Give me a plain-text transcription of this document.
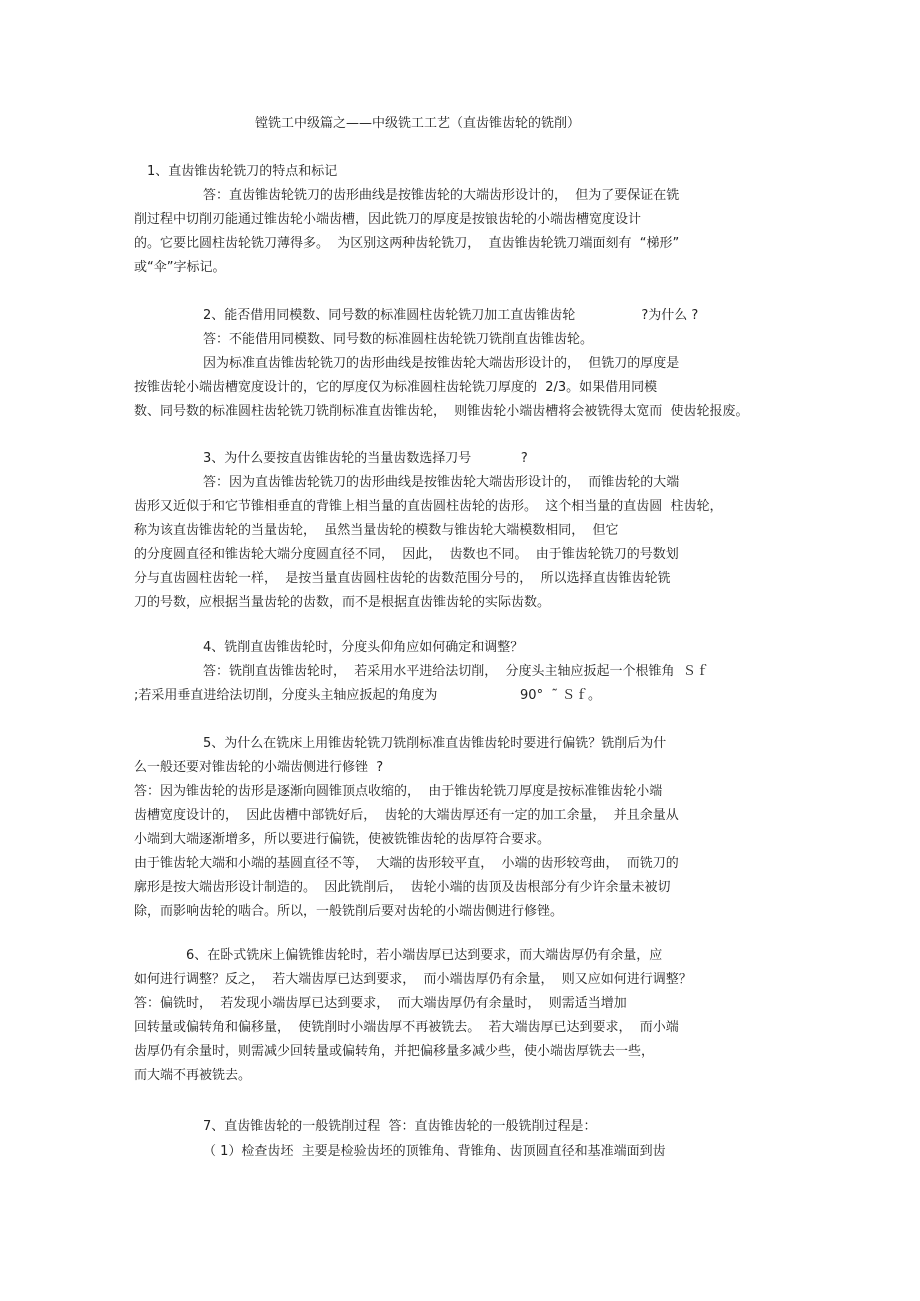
镗铣工中级篇之——中级铣工工艺（直齿锥齿轮的铣削）
1、直齿锥齿轮铣刀的特点和标记
答：直齿锥齿轮铣刀的齿形曲线是按锥齿轮的大端齿形设计的，  但为了要保证在铣
削过程中切削刃能通过锥齿轮小端齿槽，因此铣刀的厚度是按锒齿轮的小端齿槽宽度设计
的。它要比圆柱齿轮铣刀薄得多。  为区别这两种齿轮铣刀，  直齿锥齿轮铣刀端面刻有  “梯形”
或“伞”字标记。
2、能否借用同模数、同号数的标准圆柱齿轮铣刀加工直齿锥齿轮                ?为什么 ?
答：不能借用同模数、同号数的标准圆柱齿轮铣刀铣削直齿锥齿轮。
因为标准直齿锥齿轮铣刀的齿形曲线是按锥齿轮大端齿形设计的，  但铣刀的厚度是
按锥齿轮小端齿槽宽度设计的，它的厚度仅为标准圆柱齿轮铣刀厚度的  2/3。如果借用同模
数、同号数的标准圆柱齿轮铣刀铣削标准直齿锥齿轮，  则锥齿轮小端齿槽将会被铣得太宽而  使齿轮报废。
3、为什么要按直齿锥齿轮的当量齿数选择刀号            ?
答：因为直齿锥齿轮铣刀的齿形曲线是按锥齿轮大端齿形设计的，  而锥齿轮的大端
齿形又近似于和它节锥相垂直的背锥上相当量的直齿圆柱齿轮的齿形。  这个相当量的直齿圆  柱齿轮，
称为该直齿锥齿轮的当量齿轮，  虽然当量齿轮的模数与锥齿轮大端模数相同，  但它
的分度圆直径和锥齿轮大端分度圆直径不同，  因此，  齿数也不同。  由于锥齿轮铣刀的号数划
分与直齿圆柱齿轮一样，  是按当量直齿圆柱齿轮的齿数范围分号的，  所以选择直齿锥齿轮铣
刀的号数，应根据当量齿轮的齿数，而不是根据直齿锥齿轮的实际齿数。
4、铣削直齿锥齿轮时，分度头仰角应如何确定和调整？
答：铣削直齿锥齿轮时，  若采用水平进给法切削，  分度头主轴应扳起一个根锥角  Ｓｆ
;若采用垂直进给法切削，分度头主轴应扳起的角度为                    90°  ˜ Ｓｆ。
5、为什么在铣床上用锥齿轮铣刀铣削标准直齿锥齿轮时要进行偏铣？铣削后为什
么一般还要对锥齿轮的小端齿侧进行修锉  ?
答：因为锥齿轮的齿形是逐渐向圆锥顶点收缩的，  由于锥齿轮铣刀厚度是按标准锥齿轮小端
齿槽宽度设计的，  因此齿槽中部铣好后，  齿轮的大端齿厚还有一定的加工余量，  并且余量从
小端到大端逐渐增多，所以要进行偏铣，使被铣锥齿轮的齿厚符合要求。
由于锥齿轮大端和小端的基圆直径不等，  大端的齿形较平直，  小端的齿形较弯曲，  而铣刀的
廓形是按大端齿形设计制造的。  因此铣削后，  齿轮小端的齿顶及齿根部分有少许余量未被切
除，而影响齿轮的啮合。所以，一般铣削后要对齿轮的小端齿侧进行修锉。
6、在卧式铣床上偏铣锥齿轮时，若小端齿厚已达到要求，而大端齿厚仍有余量，应
如何进行调整？反之，  若大端齿厚已达到要求，  而小端齿厚仍有余量，  则又应如何进行调整？
答：偏铣时，  若发现小端齿厚已达到要求，  而大端齿厚仍有余量时，  则需适当增加
回转量或偏转角和偏移量，  使铣削时小端齿厚不再被铣去。  若大端齿厚已达到要求，  而小端
齿厚仍有余量时，则需减少回转量或偏转角，并把偏移量多减少些，使小端齿厚铣去一些，
而大端不再被铣去。
7、直齿锥齿轮的一般铣削过程  答：直齿锥齿轮的一般铣削过程是：
（ 1）检查齿坯  主要是检验齿坯的顶锥角、背锥角、齿顶圆直径和基准端面到齿
